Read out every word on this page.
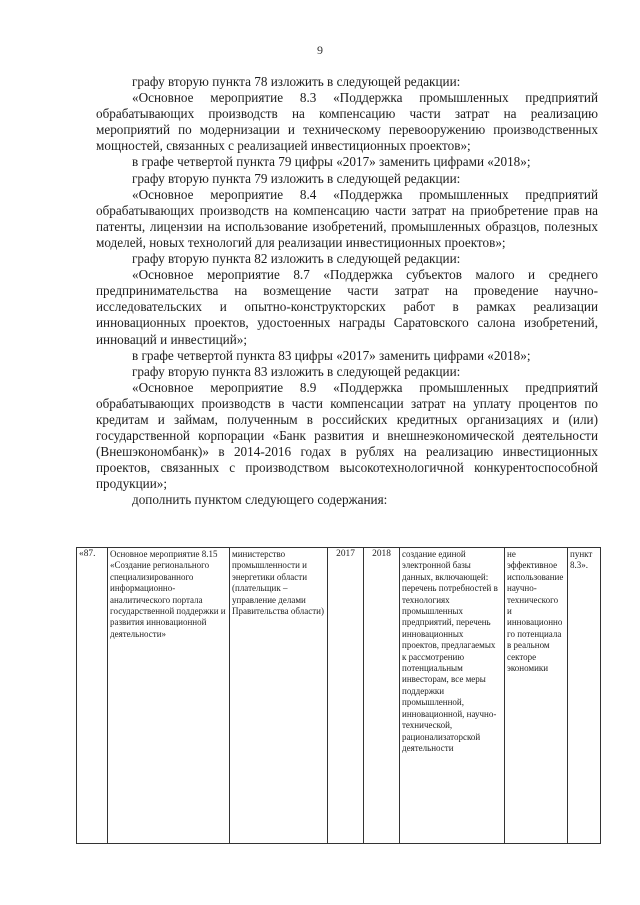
9

графу вторую пункта 78 изложить в следующей редакции:

«Основное мероприятие 8.3 «Поддержка промышленных предприятий обрабатывающих производств на компенсацию части затрат на реализацию мероприятий по модернизации и техническому перевооружению производственных мощностей, связанных с реализацией инвестиционных проектов»;

в графе четвертой пункта 79 цифры «2017» заменить цифрами «2018»;

графу вторую пункта 79 изложить в следующей редакции:

«Основное мероприятие 8.4 «Поддержка промышленных предприятий обрабатывающих производств на компенсацию части затрат на приобретение прав на патенты, лицензии на использование изобретений, промышленных образцов, полезных моделей, новых технологий для реализации инвестиционных проектов»;

графу вторую пункта 82 изложить в следующей редакции:

«Основное мероприятие 8.7 «Поддержка субъектов малого и среднего предпринимательства на возмещение части затрат на проведение научно-исследовательских и опытно-конструкторских работ в рамках реализации инновационных проектов, удостоенных награды Саратовского салона изобретений, инноваций и инвестиций»;

в графе четвертой пункта 83 цифры «2017» заменить цифрами «2018»;

графу вторую пункта 83 изложить в следующей редакции:

«Основное мероприятие 8.9 «Поддержка промышленных предприятий обрабатывающих производств в части компенсации затрат на уплату процентов по кредитам и займам, полученным в российских кредитных организациях и (или) государственной корпорации «Банк развития и внешнеэкономической деятельности (Внешэкономбанк)» в 2014-2016 годах в рублях на реализацию инвестиционных проектов, связанных с производством высокотехнологичной конкурентоспособной продукции»;

дополнить пунктом следующего содержания:

«87.	Основное мероприятие 8.15 «Создание регионального специализированного информационно-аналитического портала государственной поддержки и развития инновационной деятельности»	министерство промышленности и энергетики области (плательщик – управление делами Правительства области)	2017	2018	создание единой электронной базы данных, включающей: перечень потребностей в технологиях промышленных предприятий, перечень инновационных проектов, предлагаемых к рассмотрению потенциальным инвесторам, все меры поддержки промышленной, инновационной, научно-технической, рационализаторской деятельности	не эффективное использование научно-технического и инновационного потенциала в реальном секторе экономики	пункт 8.3».
